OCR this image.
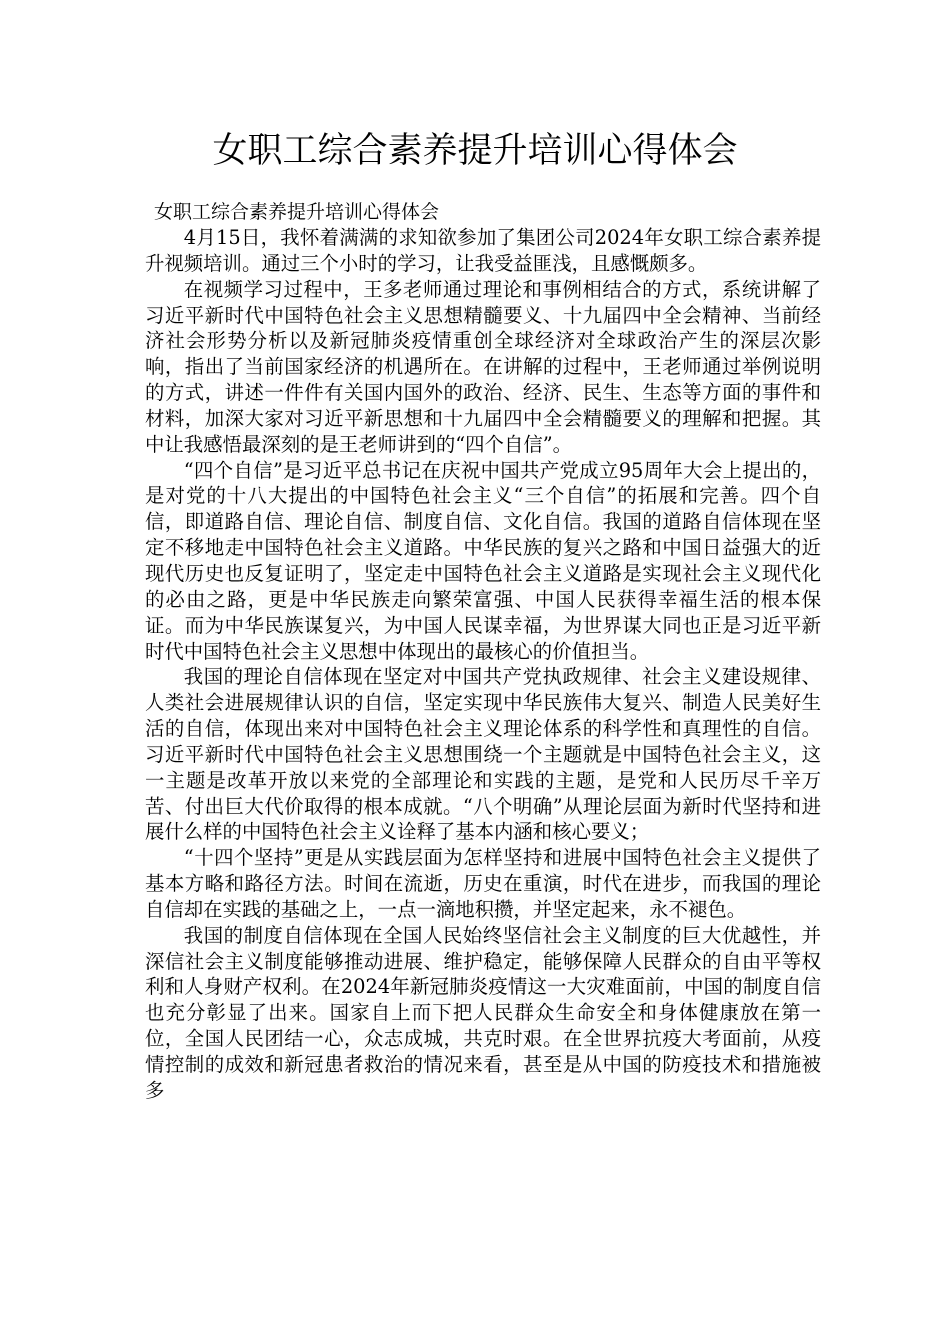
女职工综合素养提升培训心得体会

女职工综合素养提升培训心得体会

4月15日，我怀着满满的求知欲参加了集团公司2024年女职工综合素养提升视频培训。通过三个小时的学习，让我受益匪浅，且感慨颇多。

在视频学习过程中，王多老师通过理论和事例相结合的方式，系统讲解了习近平新时代中国特色社会主义思想精髓要义、十九届四中全会精神、当前经济社会形势分析以及新冠肺炎疫情重创全球经济对全球政治产生的深层次影响，指出了当前国家经济的机遇所在。在讲解的过程中，王老师通过举例说明的方式，讲述一件件有关国内国外的政治、经济、民生、生态等方面的事件和材料，加深大家对习近平新思想和十九届四中全会精髓要义的理解和把握。其中让我感悟最深刻的是王老师讲到的“四个自信”。

“四个自信”是习近平总书记在庆祝中国共产党成立95周年大会上提出的，是对党的十八大提出的中国特色社会主义“三个自信”的拓展和完善。四个自信，即道路自信、理论自信、制度自信、文化自信。我国的道路自信体现在坚定不移地走中国特色社会主义道路。中华民族的复兴之路和中国日益强大的近现代历史也反复证明了，坚定走中国特色社会主义道路是实现社会主义现代化的必由之路，更是中华民族走向繁荣富强、中国人民获得幸福生活的根本保证。而为中华民族谋复兴，为中国人民谋幸福，为世界谋大同也正是习近平新时代中国特色社会主义思想中体现出的最核心的价值担当。

我国的理论自信体现在坚定对中国共产党执政规律、社会主义建设规律、人类社会进展规律认识的自信，坚定实现中华民族伟大复兴、制造人民美好生活的自信，体现出来对中国特色社会主义理论体系的科学性和真理性的自信。习近平新时代中国特色社会主义思想围绕一个主题就是中国特色社会主义，这一主题是改革开放以来党的全部理论和实践的主题，是党和人民历尽千辛万苦、付出巨大代价取得的根本成就。“八个明确”从理论层面为新时代坚持和进展什么样的中国特色社会主义诠释了基本内涵和核心要义；

“十四个坚持”更是从实践层面为怎样坚持和进展中国特色社会主义提供了基本方略和路径方法。时间在流逝，历史在重演，时代在进步，而我国的理论自信却在实践的基础之上，一点一滴地积攒，并坚定起来，永不褪色。

我国的制度自信体现在全国人民始终坚信社会主义制度的巨大优越性，并深信社会主义制度能够推动进展、维护稳定，能够保障人民群众的自由平等权利和人身财产权利。在2024年新冠肺炎疫情这一大灾难面前，中国的制度自信也充分彰显了出来。国家自上而下把人民群众生命安全和身体健康放在第一位，全国人民团结一心，众志成城，共克时艰。在全世界抗疫大考面前，从疫情控制的成效和新冠患者救治的情况来看，甚至是从中国的防疫技术和措施被多
